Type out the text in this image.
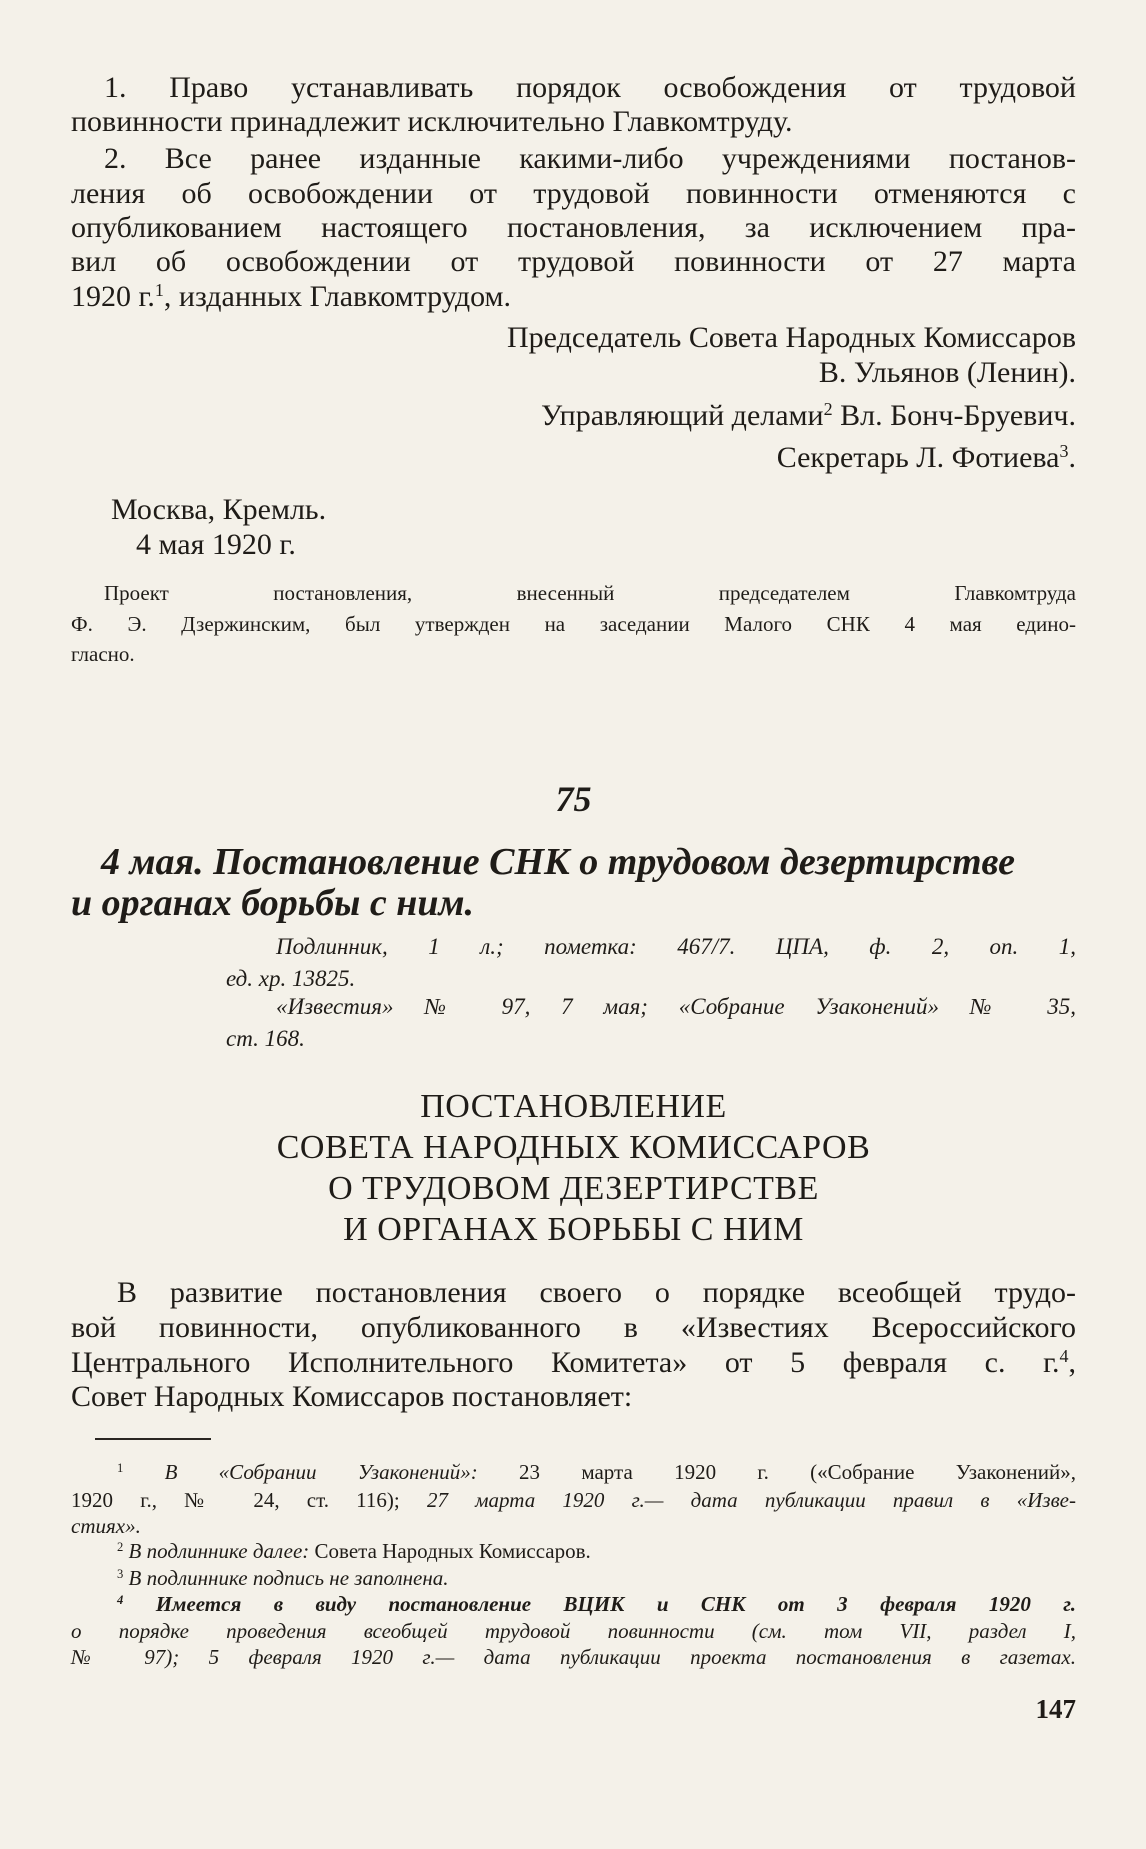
1. Право устанавливать порядок освобождения от трудовой
повинности принадлежит исключительно Главкомтруду.
2. Все ранее изданные какими-либо учреждениями постанов-
ления об освобождении от трудовой повинности отменяются с
опубликованием настоящего постановления, за исключением пра-
вил об освобождении от трудовой повинности от 27 марта
1920 г.$^1$, изданных Главкомтрудом.
Председатель Совета Народных Комиссаров
В. Ульянов (Ленин).
Управляющий делами$^2$ Вл. Бонч-Бруевич.
Секретарь Л. Фотиева$^3$.
Москва, Кремль.
4 мая 1920 г.
Проект постановления, внесенный председателем Главкомтруда
Ф. Э. Дзержинским, был утвержден на заседании Малого СНК 4 мая едино-
гласно.
75
4 мая. Постановление СНК о трудовом дезертирстве
и органах борьбы с ним.
Подлинник, 1 л.; пометка: 467/7. ЦПА, ф. 2, оп. 1,
ед. хр. 13825.
«Известия» № 97, 7 мая; «Собрание Узаконений» № 35,
ст. 168.
ПОСТАНОВЛЕНИЕ
СОВЕТА НАРОДНЫХ КОМИССАРОВ
О ТРУДОВОМ ДЕЗЕРТИРСТВЕ
И ОРГАНАХ БОРЬБЫ С НИМ
В развитие постановления своего о порядке всеобщей трудо-
вой повинности, опубликованного в «Известиях Всероссийского
Центрального Исполнительного Комитета» от 5 февраля с. г.$^4$,
Совет Народных Комиссаров постановляет:
$^1$ В «Собрании Узаконений»: 23 марта 1920 г. («Собрание Узаконений»,
1920 г., № 24, ст. 116); 27 марта 1920 г.— дата публикации правил в «Изве-
стиях».
$^2$ В подлиннике далее: Совета Народных Комиссаров.
$^3$ В подлиннике подпись не заполнена.
$^4$ Имеется в виду постановление ВЦИК и СНК от 3 февраля 1920 г.
о порядке проведения всеобщей трудовой повинности (см. том VII, раздел I,
№ 97); 5 февраля 1920 г.— дата публикации проекта постановления в газетах.
147
